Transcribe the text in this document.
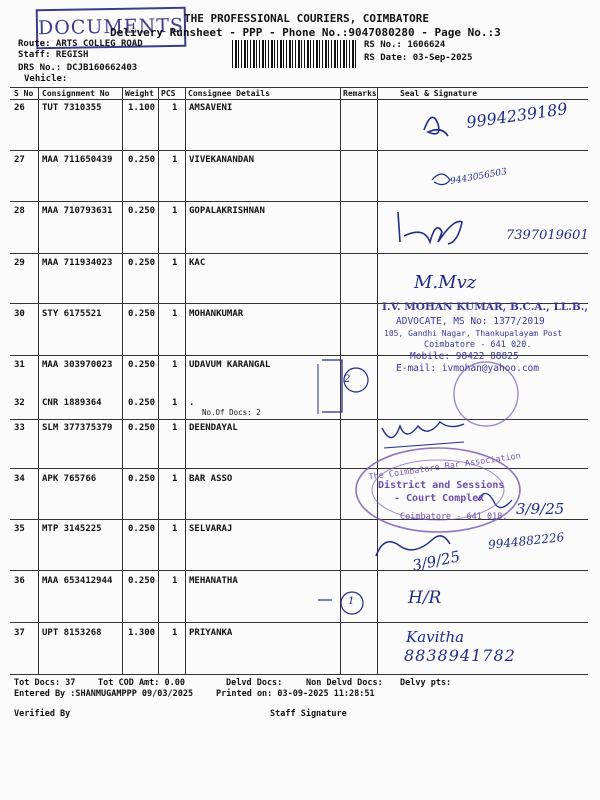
DOCUMENTS THE PROFESSIONAL COURIERS, COIMBATORE
Delivery Runsheet - PPP - Phone No.:9047080280 - Page No.:3
Route: ARTS COLLEG ROAD
Staff: REGISH
DRS No.: DCJB160662403
Vehicle:
RS No.: 1606624
RS Date: 03-Sep-2025
S No Consignment No Weight PCS Consignee Details	Remarks	Seal & Signature
26 TUT 7310355	1.100 1 AMSAVENI
27 MAA 711650439 0.250 1 VIVEKANANDAN
28 MAA 710793631 0.250 1 GOPALAKRISHNAN
29 MAA 711934023 0.250 1 KAC
30 STY 6175521	0.250 1 MOHANKUMAR
31 MAA 303970023 0.250 1 UDAVUM KARANGAL
32 CNR 1889364	0.250 1 .
No.Of Docs: 2
33 SLM 377375379 0.250 1 DEENDAYAL
34 APK 765766	0.250 1 BAR ASSO
35 MTP 3145225	0.250 1 SELVARAJ
36 MAA 653412944 0.250 1 MEHANATHA
37 UPT 8153268	1.300 1 PRIYANKA
9994239189
9443056503
7397019601
M.Mvz
I.V. MOHAN KUMAR, B.C.A., LL.B.,
ADVOCATE, MS No: 1377/2019
105, Gandhi Nagar, Thankupalayam Post
Coimbatore - 641 020.
Mobile: 98422 88825
E-mail: ivmohan@yahoo.com
2
1
The Coimbatore Bar Association
District and Sessions
- Court Complex
Coimbatore - 641 018. 3/9/25
3/9/25
9944882226
H/R
Kavitha
8838941782
Tot Docs: 37	Tot COD Amt: 0.00	Delvd Docs:	Non Delvd Docs: Delvy pts:
Entered By :SHANMUGAMPPP 09/03/2025	Printed on: 03-09-2025 11:28:51
Verified By	Staff Signature
